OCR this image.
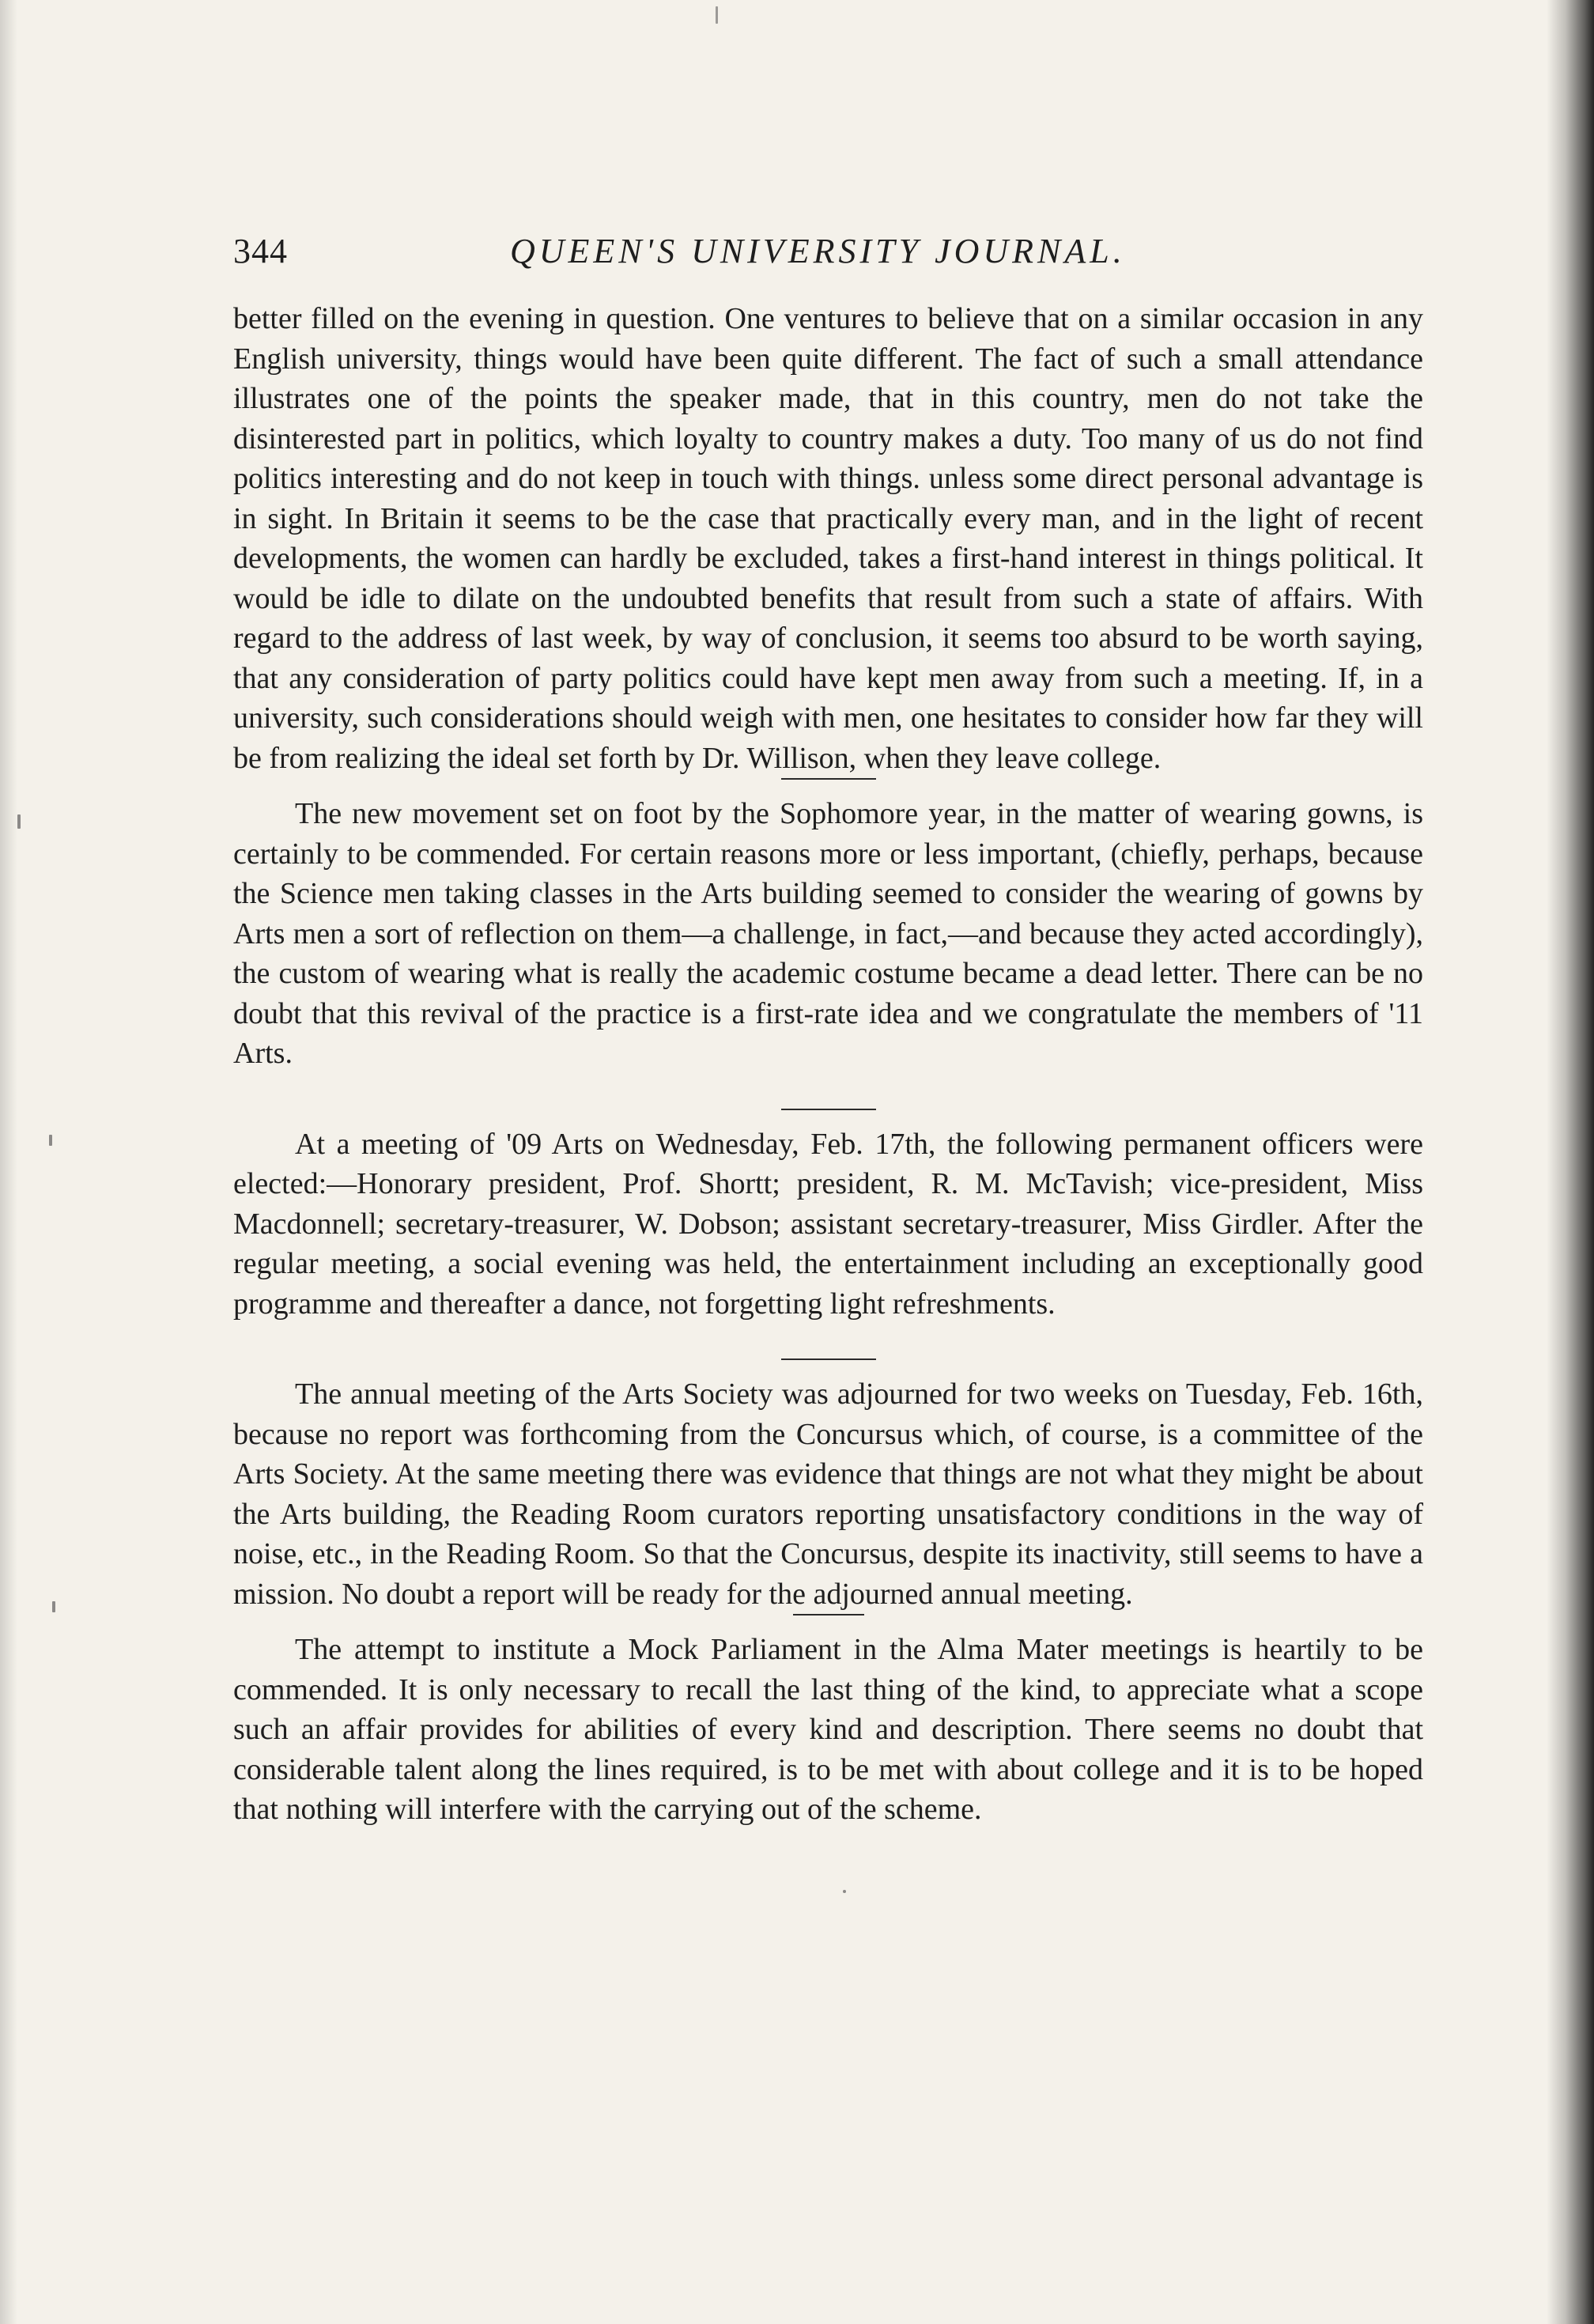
344	QUEEN'S UNIVERSITY JOURNAL.

better filled on the evening in question. One ventures to believe that on a similar occasion in any English university, things would have been quite different. The fact of such a small attendance illustrates one of the points the speaker made, that in this country, men do not take the disinterested part in politics, which loyalty to country makes a duty. Too many of us do not find politics interesting and do not keep in touch with things. unless some direct personal advantage is in sight. In Britain it seems to be the case that practically every man, and in the light of recent developments, the women can hardly be excluded, takes a first-hand interest in things political. It would be idle to dilate on the undoubted benefits that result from such a state of affairs. With regard to the address of last week, by way of conclusion, it seems too absurd to be worth saying, that any consideration of party politics could have kept men away from such a meeting. If, in a university, such considerations should weigh with men, one hesitates to consider how far they will be from realizing the ideal set forth by Dr. Willison, when they leave college.

The new movement set on foot by the Sophomore year, in the matter of wearing gowns, is certainly to be commended. For certain reasons more or less important, (chiefly, perhaps, because the Science men taking classes in the Arts building seemed to consider the wearing of gowns by Arts men a sort of reflection on them—a challenge, in fact,—and because they acted accordingly), the custom of wearing what is really the academic costume became a dead letter. There can be no doubt that this revival of the practice is a first-rate idea and we congratulate the members of '11 Arts.

At a meeting of '09 Arts on Wednesday, Feb. 17th, the following permanent officers were elected:—Honorary president, Prof. Shortt; president, R. M. McTavish; vice-president, Miss Macdonnell; secretary-treasurer, W. Dobson; assistant secretary-treasurer, Miss Girdler. After the regular meeting, a social evening was held, the entertainment including an exceptionally good programme and thereafter a dance, not forgetting light refreshments.

The annual meeting of the Arts Society was adjourned for two weeks on Tuesday, Feb. 16th, because no report was forthcoming from the Concursus which, of course, is a committee of the Arts Society. At the same meeting there was evidence that things are not what they might be about the Arts building, the Reading Room curators reporting unsatisfactory conditions in the way of noise, etc., in the Reading Room. So that the Concursus, despite its inactivity, still seems to have a mission. No doubt a report will be ready for the adjourned annual meeting.

The attempt to institute a Mock Parliament in the Alma Mater meetings is heartily to be commended. It is only necessary to recall the last thing of the kind, to appreciate what a scope such an affair provides for abilities of every kind and description. There seems no doubt that considerable talent along the lines required, is to be met with about college and it is to be hoped that nothing will interfere with the carrying out of the scheme.
